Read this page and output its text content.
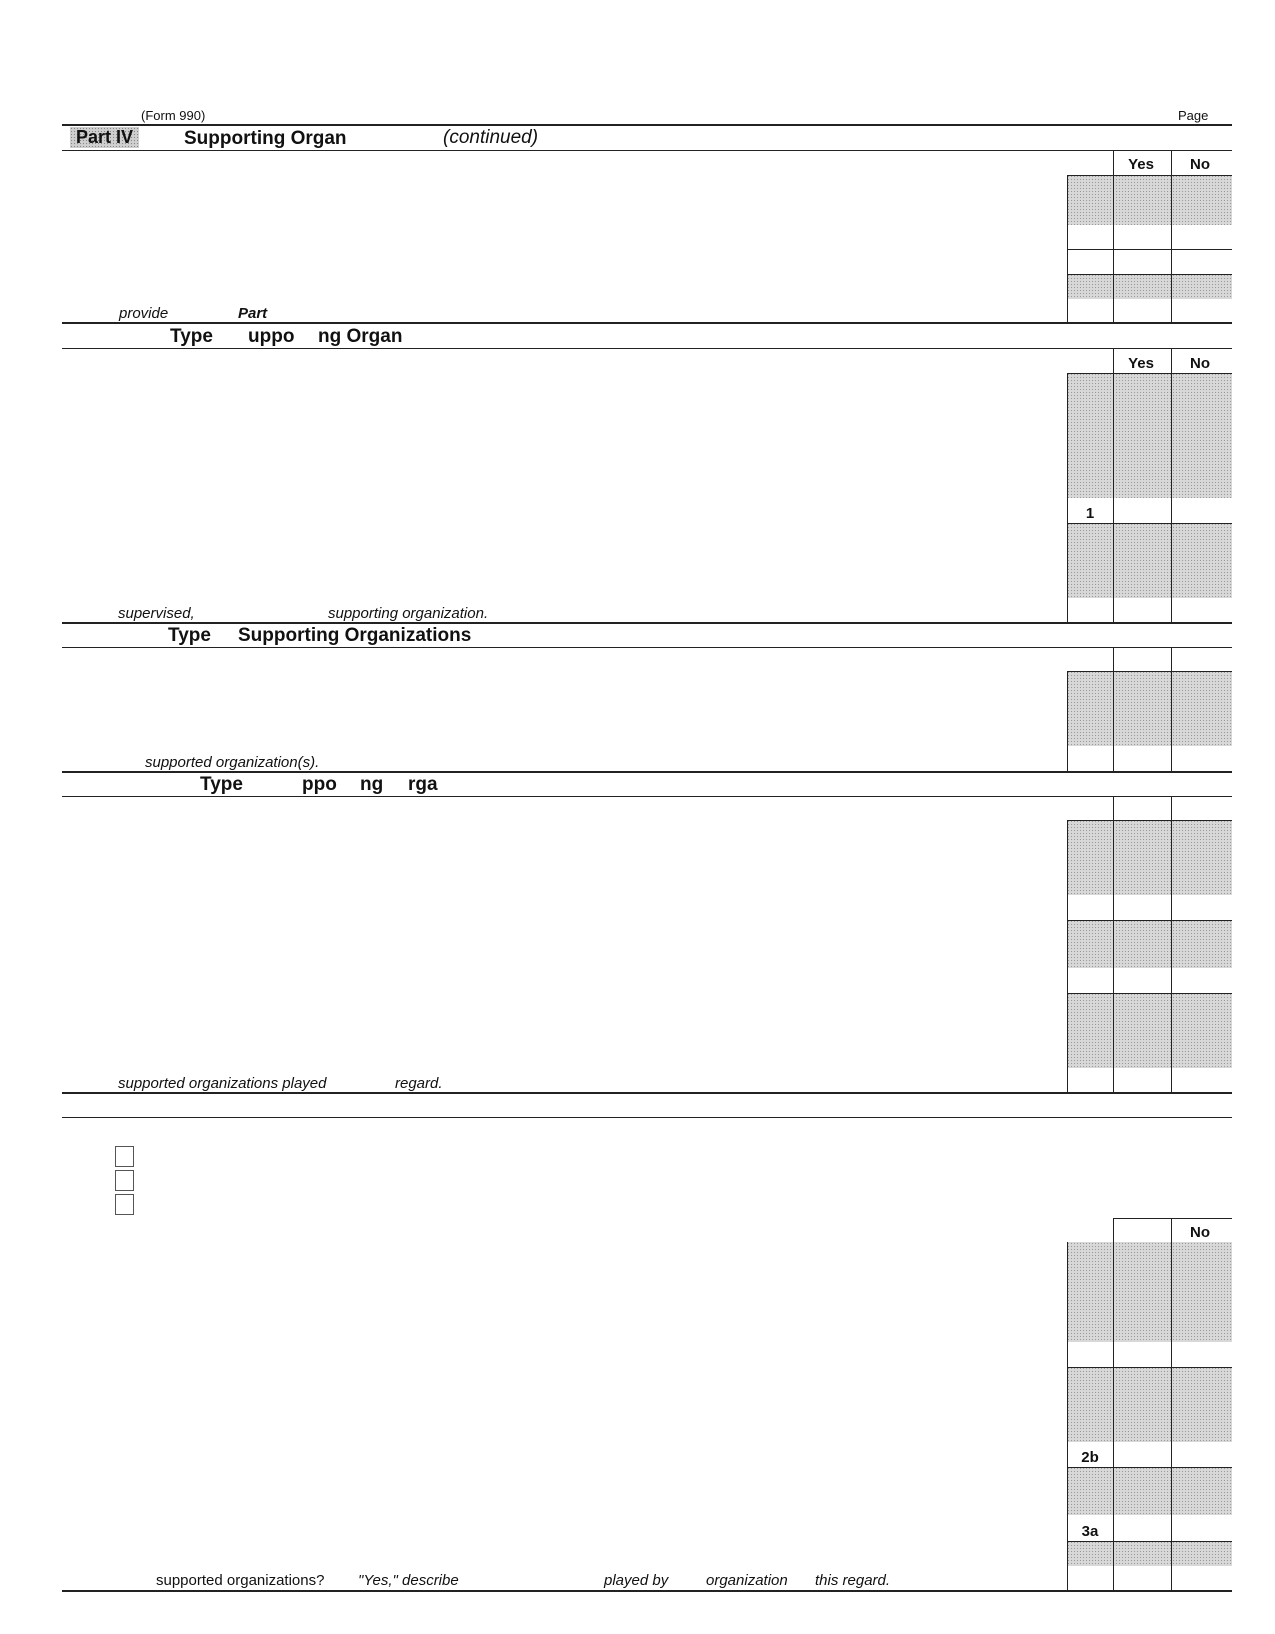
(Form 990)	Page
Part IV	Supporting Organ	(continued)
Yes	No
provide	Part
Type uppo ng Organ
Yes	No
1
supervised,	supporting organization.
Type Supporting Organizations
supported organization(s).
Type	ppo ng rga
supported organizations played	regard.
No
2b
3a
supported organizations? "Yes," describe	played by	organization this regard.
